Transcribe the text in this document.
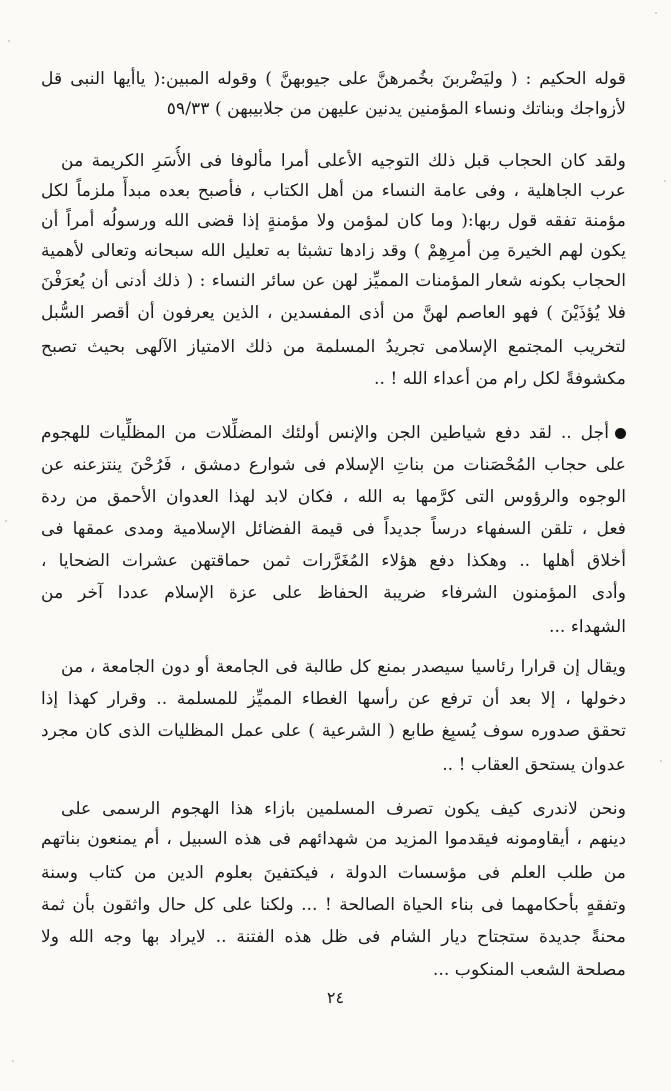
قوله الحكيم : ( وليَضْربنَ بخُمرهنَّ على جيوبهنَّ ) وقوله المبين:( ياأيها النبى قل
لأزواجك وبناتك ونساء المؤمنين يدنين عليهن من جلابيبهن ) ٥٩/٣٣
ولقد كان الحجاب قبل ذلك التوجيه الأعلى أمرا مألوفا فى الأُسَرِ الكريمة من
عرب الجاهلية ، وفى عامة النساء من أهل الكتاب ، فأصبح بعده مبدأً ملزماً لكل
مؤمنة تفقه قول ربها:( وما كان لمؤمن ولا مؤمنةٍ إذا قضى الله ورسولُه أمراً أن
يكون لهم الخيرة مِن أمرِهِمْ ) وقد زادها تشبثا به تعليل الله سبحانه وتعالى لأهمية
الحجاب بكونه شعار المؤمنات المميِّز لهن عن سائر النساء : ( ذلك أدنى أن يُعرَفْنَ
فلا يُؤذَيْنَ ) فهو العاصم لهنَّ من أذى المفسدين ، الذين يعرفون أن أقصر السُّبل
لتخريب المجتمع الإسلامى تجريدُ المسلمة من ذلك الامتياز الآلهى بحيث تصبح
مكشوفةً لكل رام من أعداء الله ! ..
أجل .. لقد دفع شياطين الجن والإنس أولئك المضلِّلات من المظلِّيات للهجوم
على حجاب المُحْصَنات من بناتِ الإسلام فى شوارع دمشق ، فَرُحْنَ ينتزعنه عن
الوجوه والرؤوس التى كرَّمها به الله ، فكان لابد لهذا العدوان الأحمق من ردة
فعل ، تلقن السفهاء درساً جديداً فى قيمة الفضائل الإسلامية ومدى عمقها فى
أخلاق أهلها .. وهكذا دفع هؤلاء المُغَرَّرات ثمن حماقتهن عشرات الضحايا ،
وأدى المؤمنون الشرفاء ضريبة الحفاظ على عزة الإسلام عددا آخر من
الشهداء ...
ويقال إن قرارا رئاسيا سيصدر بمنع كل طالبة فى الجامعة أو دون الجامعة ، من
دخولها ، إلا بعد أن ترفع عن رأسها الغطاء المميِّز للمسلمة .. وقرار كهذا إذا
تحقق صدوره سوف يُسبِغ طابع ( الشرعية ) على عمل المظليات الذى كان مجرد
عدوان يستحق العقاب ! ..
ونحن لاندرى كيف يكون تصرف المسلمين بازاء هذا الهجوم الرسمى على
دينهم ، أيقاومونه فيقدموا المزيد من شهدائهم فى هذه السبيل ، أم يمنعون بناتهم
من طلب العلم فى مؤسسات الدولة ، فيكتفينَ بعلوم الدين من كتاب وسنة
وتفقهٍ بأحكامهما فى بناء الحياة الصالحة ! ... ولكنا على كل حال واثقون بأن ثمة
محنةً جديدة ستجتاح ديار الشام فى ظل هذه الفتنة .. لايراد بها وجه الله ولا
مصلحة الشعب المنكوب ...
٢٤
